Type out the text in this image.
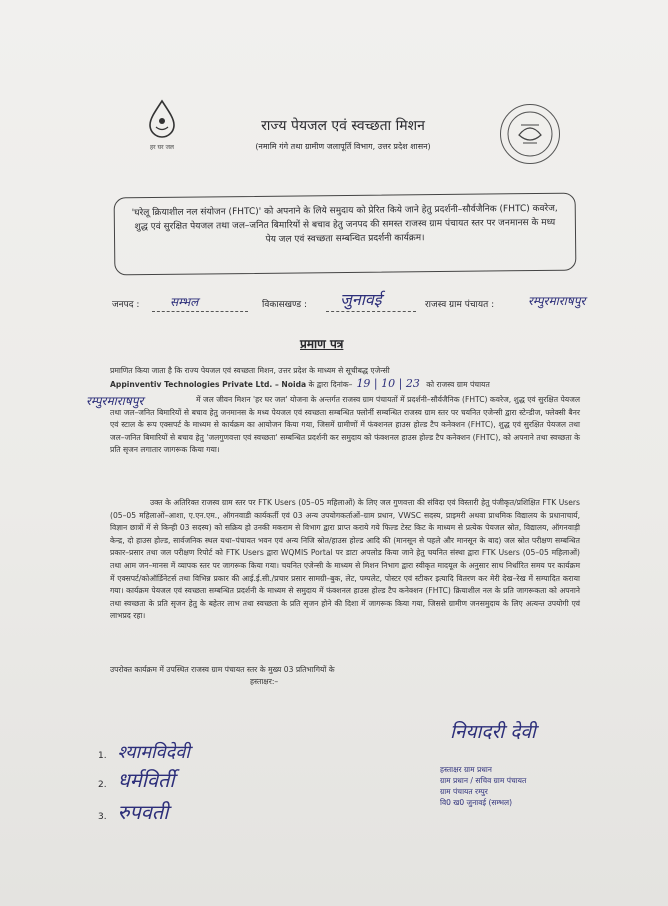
हर घर जल
राज्य पेयजल एवं स्वच्छता मिशन
(नमामि गंगे तथा ग्रामीण जलापूर्ति विभाग, उत्तर प्रदेश शासन)
'घरेलू क्रियाशील नल संयोजन (FHTC)' को अपनाने के लिये समुदाय को प्रेरित किये जाने हेतु प्रदर्शनी–सौर्वजैनिक (FHTC) कवरेज, शुद्ध एवं सुरक्षित पेयजल तथा जल–जनित बिमारियों से बचाव हेतु जनपद की समस्त राजस्व ग्राम पंचायत स्तर पर जनमानस के मध्य पेय जल एवं स्वच्छता सम्बन्धित प्रदर्शनी कार्यक्रम।
जनपद :	सम्भल	विकासखण्ड : जुनावई	राजस्व ग्राम पंचायत :	रम्पुरमाराषपुर
प्रमाण पत्र
प्रमाणित किया जाता है कि राज्य पेयजल एवं स्वच्छता मिशन, उत्तर प्रदेश के माध्यम से सूचीबद्ध एजेन्सी
Appinventiv Technologies Private Ltd. – Noida के द्वारा दिनांक– 19 | 10 | 23 को राजस्व ग्राम पंचायत
रम्पुरमाराषपुर	में जल जीवन मिशन 'हर घर जल' योजना के अन्तर्गत राजस्व ग्राम पंचायतों में प्रदर्शनी–सौर्वजैनिक (FHTC) कवरेज, शुद्ध एवं सुरक्षित पेयजल तथा जल–जनित बिमारियों से बचाव हेतु जनमानस के मध्य पेयजल एवं स्वच्छता सम्बन्धित फ्लोर्नी सम्बन्धित राजस्व ग्राम स्तर पर चयनित एजेन्सी द्वारा स्टेन्डीज, फ्लेक्सी बैनर एवं स्टाल के रूप एक्सपर्ट के माध्यम से कार्यक्रम का आयोजन किया गया, जिसमें ग्रामीणों में फंक्शनल हाउस होल्ड टैप कनेक्शन (FHTC), शुद्ध एवं सुरक्षित पेयजल तथा जल–जनित बिमारियों से बचाव हेतु 'जलगुणवत्ता एवं स्वच्छता' सम्बन्धित प्रदर्शनी कर समुदाय को फंक्शनल हाउस होल्ड टैप कनेक्शन (FHTC), को अपनाने तथा स्वच्छता के प्रति सृजन लगातार जागरूक किया गया।
उक्त के अतिरिक्त राजस्व ग्राम स्तर पर FTK Users (05–05 महिलाओं) के लिए जल गुणवत्ता की संविदा एवं विस्तारी हेतु पंजीकृत/प्रशिक्षित FTK Users (05–05 महिलाओं–आशा, ए.एन.एम., ऑगनवाडी कार्यकर्ती एवं 03 अन्य उपयोगकर्ताओं–ग्राम प्रधान, VWSC सदस्य, प्राइमरी अथवा प्राथमिक विद्यालय के प्रधानाचार्य, विज्ञान छात्रों में से किन्ही 03 सदस्य) को सक्रिय हो उनकी मकराम से विभाग द्वारा प्राप्त कराये गये फिल्ड टेस्ट किट के माध्यम से प्रत्येक पेयजल स्रोत, विद्यालय, ऑगनवाड़ी केन्द्र, दो हाउस होल्ड, सार्वजनिक स्थल यथा–पंचायत भवन एवं अन्य निजि स्रोत/हाउस होल्ड आदि की (मानसून से पहले और मानसून के बाद) जल स्रोत परीक्षण सम्बन्धित प्रकार–प्रसार तथा जल परीक्षण रिपोर्ट को FTK Users द्वारा WQMIS Portal पर डाटा अपलोड किया जाने हेतु चयनित संस्था द्वारा FTK Users (05–05 महिलाओं) तथा आम जन–मानस में व्यापक स्तर पर जागरूक किया गया। चयनित एजेन्सी के माध्यम से मिशन निभाग द्वारा स्वीकृत मादयूल के अनुसार साथ निर्धारित समय पर कार्यक्रम में एक्सपर्ट/कोऑर्डिनेटर्स तथा विभिन्न प्रकार की आई.ई.सी./प्रचार प्रसार सामग्री–बुक, लेट, पम्पलेट, पोस्टर एवं स्टीकर इत्यादि वितरण कर मेरी देख–रेख में सम्पादित कराया गया। कार्यक्रम पेयजल एवं स्वच्छता सम्बन्धित प्रदर्शनी के माध्यम से समुदाय में फंक्शनल हाउस होल्ड टैप कनेक्शन (FHTC) क्रियाशील नल के प्रति जागरूकता को अपनाने तथा स्वच्छता के प्रति सृजन हेतु के बहेतर लाभ तथा स्वच्छता के प्रति सृजन होने की दिशा में जागरूक किया गया, जिससे ग्रामीण जनसमुदाय के लिए अत्यन्त उपयोगी एवं लाभप्रद रहा।
उपरोक्त कार्यक्रम में उपस्थित राजस्व ग्राम पंचायत स्तर के मुख्य 03 प्रतिभागियों के
हस्ताक्षर:–
1. श्यामविदेवी
2. धर्मविर्ती
3. रुपवती
नियादरी देवी
हस्ताक्षर ग्राम प्रधान
ग्राम प्रधान / सचिव ग्राम पंचायत
ग्राम पंचायत रम्पुर
वि0 ख0 जुनावई (सम्भल)
